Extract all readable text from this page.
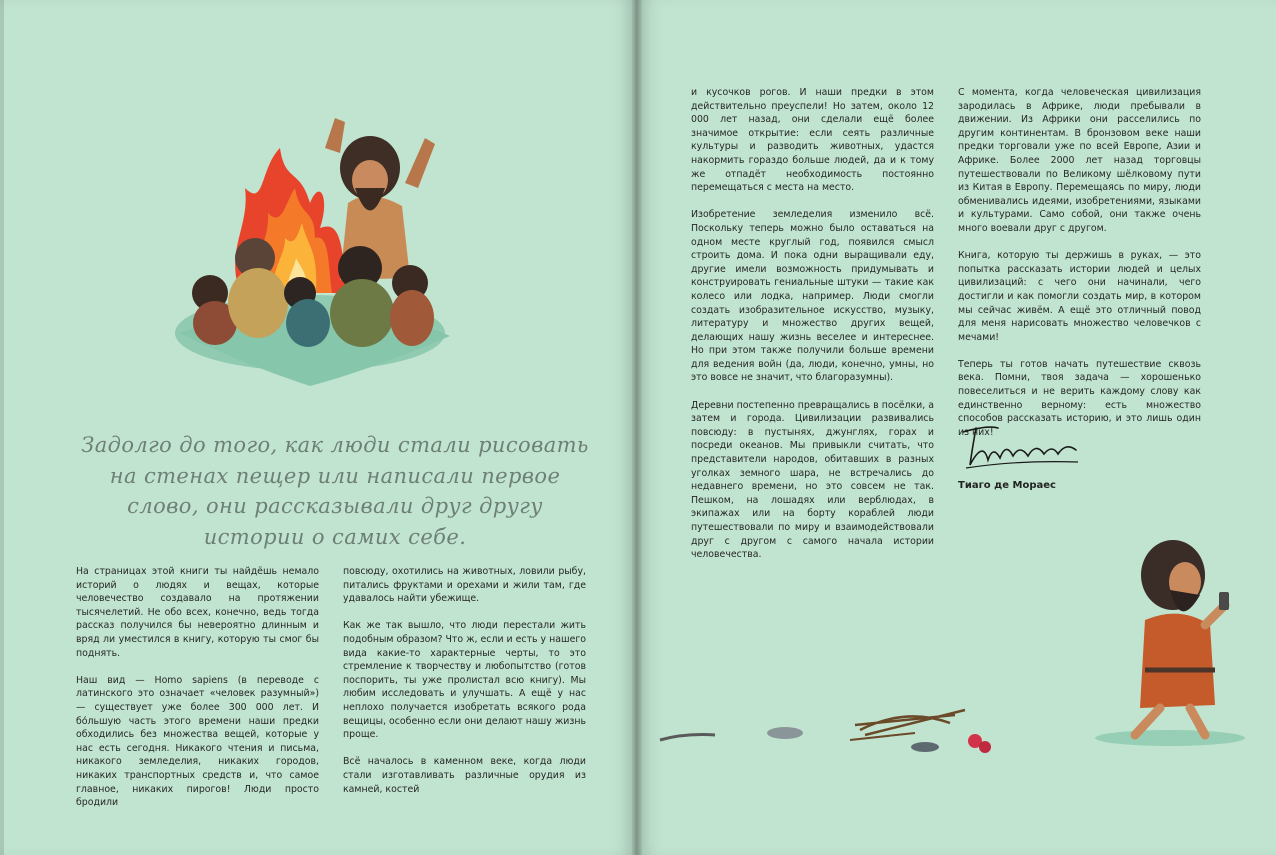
Задолго до того, как люди стали рисовать на стенах пещер или написали первое слово, они рассказывали друг другу истории о самих себе.

На страницах этой книги ты найдёшь немало историй о людях и вещах, которые человечество создавало на протяжении тысячелетий. Не обо всех, конечно, ведь тогда рассказ получился бы невероятно длинным и вряд ли уместился в книгу, которую ты смог бы поднять.

Наш вид — Homo sapiens (в переводе с латинского это означает «человек разумный») — существует уже более 300 000 лет. И бо́льшую часть этого времени наши предки обходились без множества вещей, которые у нас есть сегодня. Никакого чтения и письма, никакого земледелия, никаких городов, никаких транспортных средств и, что самое главное, никаких пирогов! Люди просто бродили

повсюду, охотились на животных, ловили рыбу, питались фруктами и орехами и жили там, где удавалось найти убежище.

Как же так вышло, что люди перестали жить подобным образом? Что ж, если и есть у нашего вида какие-то характерные черты, то это стремление к творчеству и любопытство (готов поспорить, ты уже пролистал всю книгу). Мы любим исследовать и улучшать. А ещё у нас неплохо получается изобретать всякого рода вещицы, особенно если они делают нашу жизнь проще.

Всё началось в каменном веке, когда люди стали изготавливать различные орудия из камней, костей

и кусочков рогов. И наши предки в этом действительно преуспели! Но затем, около 12 000 лет назад, они сделали ещё более значимое открытие: если сеять различные культуры и разводить животных, удастся накормить гораздо больше людей, да и к тому же отпадёт необходимость постоянно перемещаться с места на место.

Изобретение земледелия изменило всё. Поскольку теперь можно было оставаться на одном месте круглый год, появился смысл строить дома. И пока одни выращивали еду, другие имели возможность придумывать и конструировать гениальные штуки — такие как колесо или лодка, например. Люди смогли создать изобразительное искусство, музыку, литературу и множество других вещей, делающих нашу жизнь веселее и интереснее. Но при этом также получили больше времени для ведения войн (да, люди, конечно, умны, но это вовсе не значит, что благоразумны).

Деревни постепенно превращались в посёлки, а затем и города. Цивилизации развивались повсюду: в пустынях, джунглях, горах и посреди океанов. Мы привыкли считать, что представители народов, обитавших в разных уголках земного шара, не встречались до недавнего времени, но это совсем не так. Пешком, на лошадях или верблюдах, в экипажах или на борту кораблей люди путешествовали по миру и взаимодействовали друг с другом с самого начала истории человечества.

С момента, когда человеческая цивилизация зародилась в Африке, люди пребывали в движении. Из Африки они расселились по другим континентам. В бронзовом веке наши предки торговали уже по всей Европе, Азии и Африке. Более 2000 лет назад торговцы путешествовали по Великому шёлковому пути из Китая в Европу. Перемещаясь по миру, люди обменивались идеями, изобретениями, языками и культурами. Само собой, они также очень много воевали друг с другом.

Книга, которую ты держишь в руках, — это попытка рассказать истории людей и целых цивилизаций: с чего они начинали, чего достигли и как помогли создать мир, в котором мы сейчас живём. А ещё это отличный повод для меня нарисовать множество человечков с мечами!

Теперь ты готов начать путешествие сквозь века. Помни, твоя задача — хорошенько повеселиться и не верить каждому слову как единственно верному: есть множество способов рассказать историю, и это лишь один из них!

Тиаго де Мораес
